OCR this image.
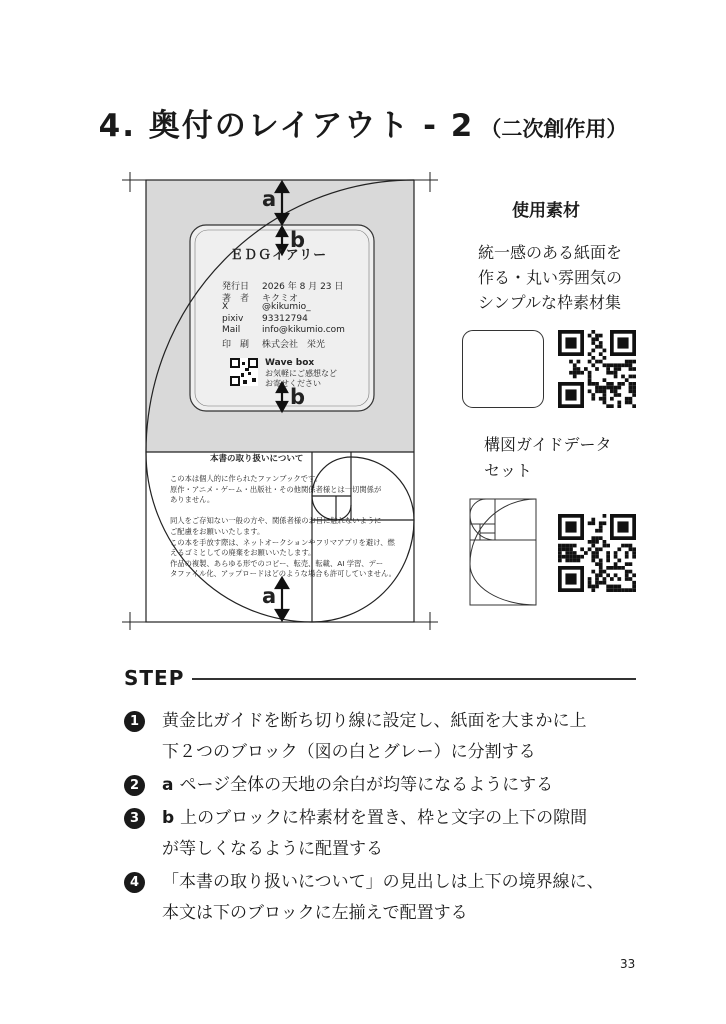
4. 奥付のレイアウト - 2 （二次創作用）
a
b
b
a
ＥＤＧイアリー
発行日 2026 年 8 月 23 日
著　者 キクミオ
X	@kikumio_
pixiv 93312794
Mail info@kikumio.com
印　刷 株式会社　栄光
Wave box
お気軽にご感想など
お寄せください
本書の取り扱いについて
この本は個人的に作られたファンブックです。
原作・アニメ・ゲーム・出版社・その他関係者様とは一切関係が
ありません。
同人をご存知ない一般の方や、関係者様のお目に触れないように
ご配慮をお願いいたします。
この本を手放す際は、ネットオークションやフリマアプリを避け、燃
えるゴミとしての廃棄をお願いいたします。
作品の複製、あらゆる形でのコピー、転売、転載、AI 学習、デー
タファイル化、アップロードはどのような場合も許可していません。
使用素材
統一感のある紙面を
作る・丸い雰囲気の
シンプルな枠素材集
構図ガイドデータ
セット
STEP
1	黄金比ガイドを断ち切り線に設定し、紙面を大まかに上
下２つのブロック（図の白とグレー）に分割する
2	a ページ全体の天地の余白が均等になるようにする
3	b 上のブロックに枠素材を置き、枠と文字の上下の隙間
が等しくなるように配置する
4	「本書の取り扱いについて」の見出しは上下の境界線に、
本文は下のブロックに左揃えで配置する
33
